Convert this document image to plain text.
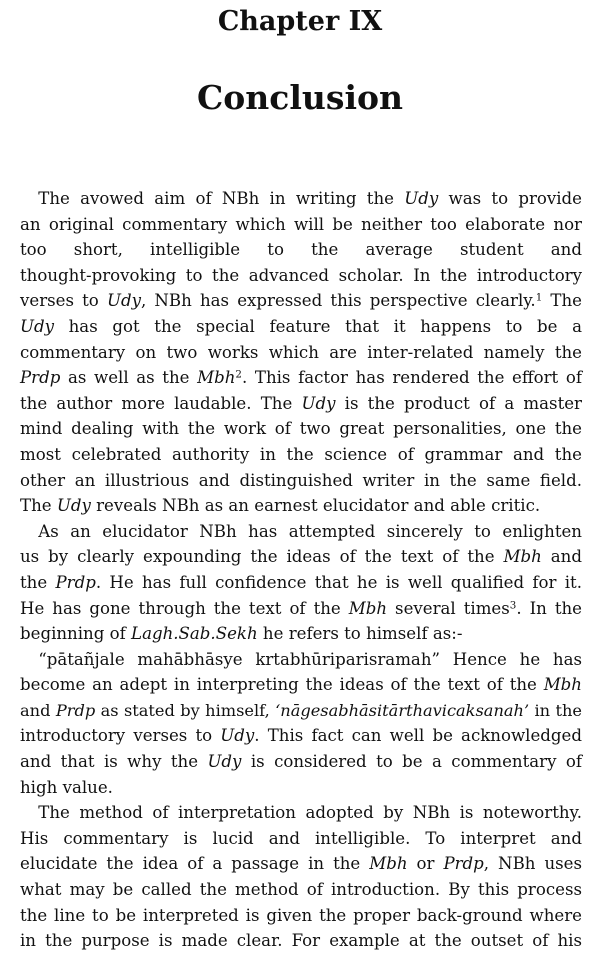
Chapter IX
Conclusion

The avowed aim of NBh in writing the Udy was to provide
an original commentary which will be neither too elaborate nor
too short, intelligible to the average student and
thought-provoking to the advanced scholar. In the introductory
verses to Udy, NBh has expressed this perspective clearly.$^1$ The
Udy has got the special feature that it happens to be a
commentary on two works which are inter-related namely the
Prdp as well as the Mbh$^2$. This factor has rendered the effort of
the author more laudable. The Udy is the product of a master
mind dealing with the work of two great personalities, one the
most celebrated authority in the science of grammar and the
other an illustrious and distinguished writer in the same field.
The Udy reveals NBh as an earnest elucidator and able critic.

As an elucidator NBh has attempted sincerely to enlighten
us by clearly expounding the ideas of the text of the Mbh and
the Prdp. He has full confidence that he is well qualified for it.
He has gone through the text of the Mbh several times$^3$. In the
beginning of Lagh.Sab.Sekh he refers to himself as:-
“pātañjale mahābhāsye krtabhūriparisramah” Hence he has
become an adept in interpreting the ideas of the text of the Mbh
and Prdp as stated by himself, ‘nāgesabhāsitārthavicaksanah’ in the
introductory verses to Udy. This fact can well be acknowledged
and that is why the Udy is considered to be a commentary of
high value.

The method of interpretation adopted by NBh is noteworthy.
His commentary is lucid and intelligible. To interpret and
elucidate the idea of a passage in the Mbh or Prdp, NBh uses
what may be called the method of introduction. By this process
the line to be interpreted is given the proper back-ground where
in the purpose is made clear. For example at the outset of his
